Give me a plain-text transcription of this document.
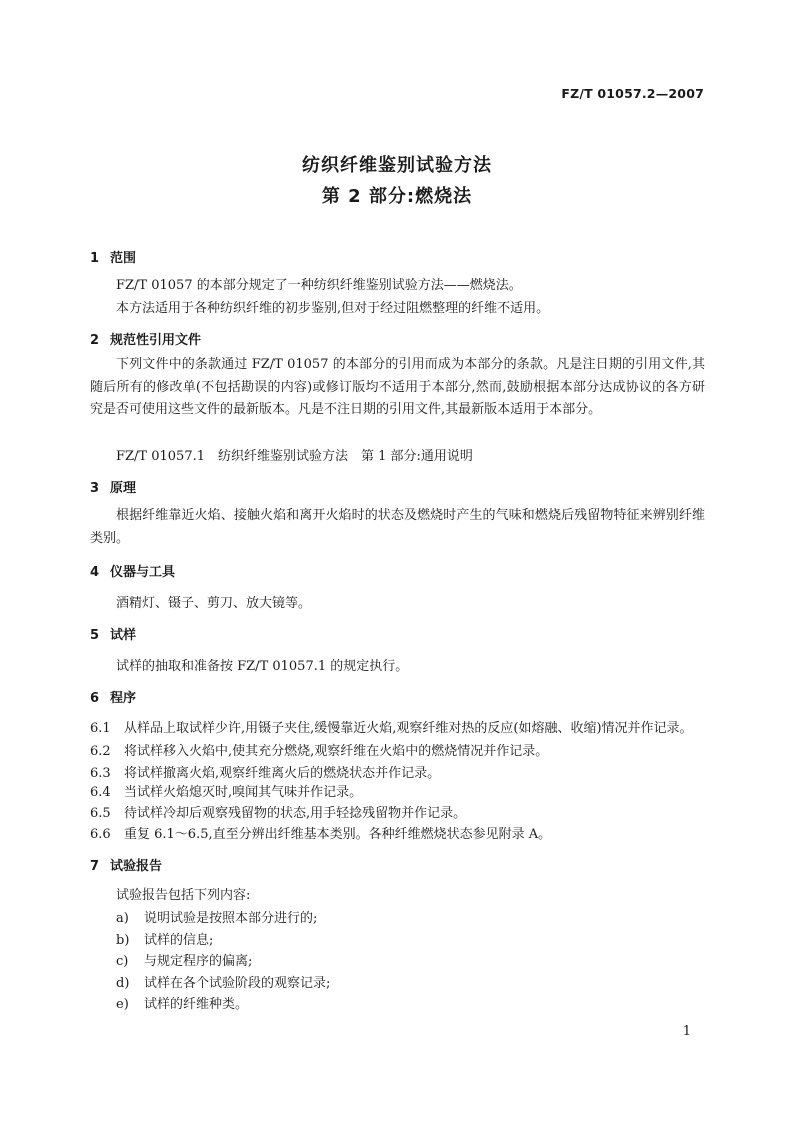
FZ/T 01057.2—2007
纺织纤维鉴别试验方法
第 2 部分:燃烧法
1 范围
FZ/T 01057 的本部分规定了一种纺织纤维鉴别试验方法——燃烧法。
本方法适用于各种纺织纤维的初步鉴别,但对于经过阻燃整理的纤维不适用。
2 规范性引用文件
下列文件中的条款通过 FZ/T 01057 的本部分的引用而成为本部分的条款。凡是注日期的引用文件,其随后所有的修改单(不包括勘误的内容)或修订版均不适用于本部分,然而,鼓励根据本部分达成协议的各方研究是否可使用这些文件的最新版本。凡是不注日期的引用文件,其最新版本适用于本部分。
FZ/T 01057.1　纺织纤维鉴别试验方法　第 1 部分:通用说明
3 原理
根据纤维靠近火焰、接触火焰和离开火焰时的状态及燃烧时产生的气味和燃烧后残留物特征来辨别纤维类别。
4 仪器与工具
酒精灯、镊子、剪刀、放大镜等。
5 试样
试样的抽取和准备按 FZ/T 01057.1 的规定执行。
6 程序
6.1 从样品上取试样少许,用镊子夹住,缓慢靠近火焰,观察纤维对热的反应(如熔融、收缩)情况并作记录。
6.2 将试样移入火焰中,使其充分燃烧,观察纤维在火焰中的燃烧情况并作记录。
6.3 将试样撤离火焰,观察纤维离火后的燃烧状态并作记录。
6.4 当试样火焰熄灭时,嗅闻其气味并作记录。
6.5 待试样冷却后观察残留物的状态,用手轻捻残留物并作记录。
6.6 重复 6.1～6.5,直至分辨出纤维基本类别。各种纤维燃烧状态参见附录 A。
7 试验报告
试验报告包括下列内容:
a) 说明试验是按照本部分进行的;
b) 试样的信息;
c) 与规定程序的偏离;
d) 试样在各个试验阶段的观察记录;
e) 试样的纤维种类。
1
